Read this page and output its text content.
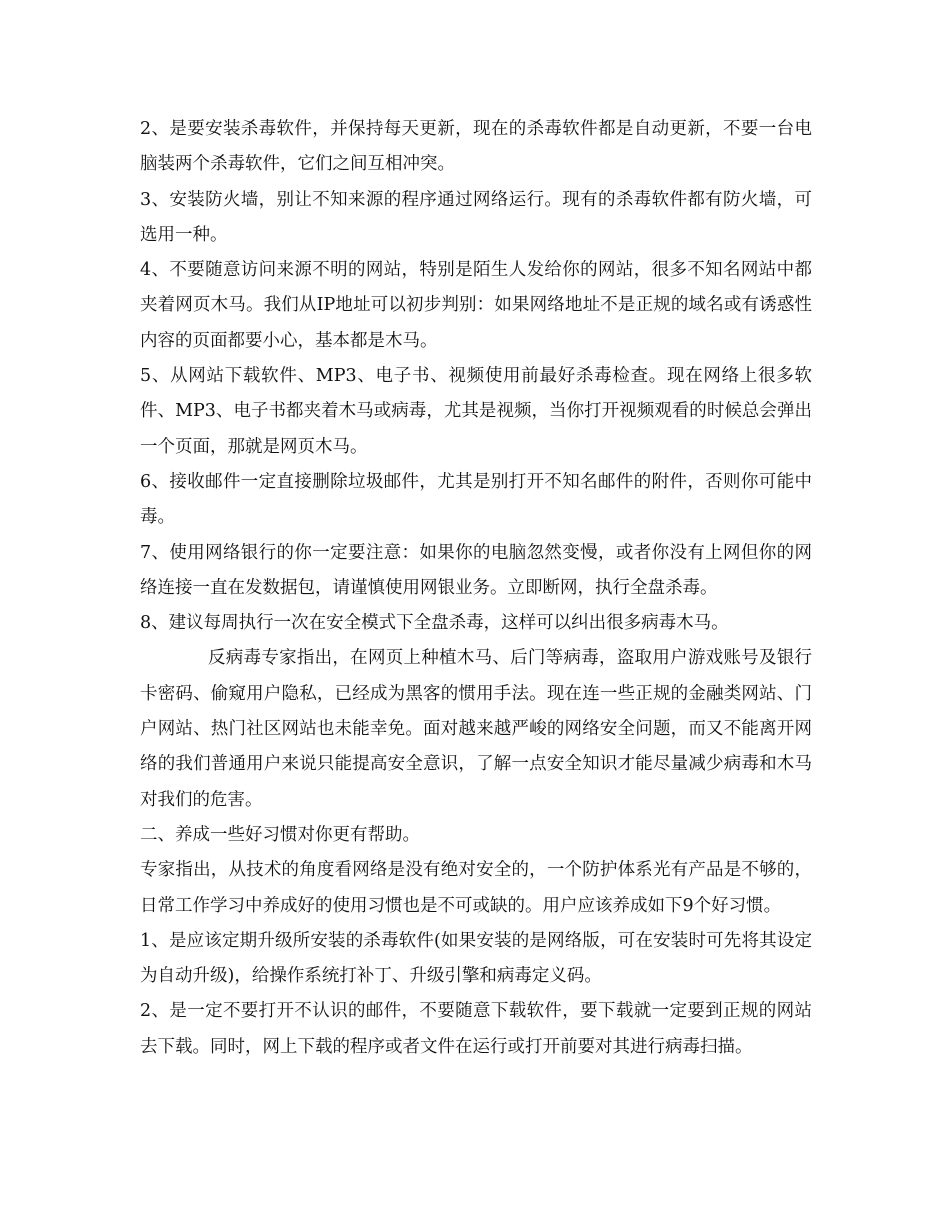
2、是要安装杀毒软件，并保持每天更新，现在的杀毒软件都是自动更新，不要一台电脑装两个杀毒软件，它们之间互相冲突。

3、安装防火墙，别让不知来源的程序通过网络运行。现有的杀毒软件都有防火墙，可选用一种。

4、不要随意访问来源不明的网站，特别是陌生人发给你的网站，很多不知名网站中都夹着网页木马。我们从IP地址可以初步判别：如果网络地址不是正规的域名或有诱惑性内容的页面都要小心，基本都是木马。

5、从网站下载软件、MP3、电子书、视频使用前最好杀毒检查。现在网络上很多软件、MP3、电子书都夹着木马或病毒，尤其是视频，当你打开视频观看的时候总会弹出一个页面，那就是网页木马。

6、接收邮件一定直接删除垃圾邮件，尤其是别打开不知名邮件的附件，否则你可能中毒。

7、使用网络银行的你一定要注意：如果你的电脑忽然变慢，或者你没有上网但你的网络连接一直在发数据包，请谨慎使用网银业务。立即断网，执行全盘杀毒。

8、建议每周执行一次在安全模式下全盘杀毒，这样可以纠出很多病毒木马。

反病毒专家指出，在网页上种植木马、后门等病毒，盗取用户游戏账号及银行卡密码、偷窥用户隐私，已经成为黑客的惯用手法。现在连一些正规的金融类网站、门户网站、热门社区网站也未能幸免。面对越来越严峻的网络安全问题，而又不能离开网络的我们普通用户来说只能提高安全意识，了解一点安全知识才能尽量减少病毒和木马对我们的危害。

二、养成一些好习惯对你更有帮助。

专家指出，从技术的角度看网络是没有绝对安全的，一个防护体系光有产品是不够的，日常工作学习中养成好的使用习惯也是不可或缺的。用户应该养成如下9个好习惯。

1、是应该定期升级所安装的杀毒软件(如果安装的是网络版，可在安装时可先将其设定为自动升级)，给操作系统打补丁、升级引擎和病毒定义码。

2、是一定不要打开不认识的邮件，不要随意下载软件，要下载就一定要到正规的网站去下载。同时，网上下载的程序或者文件在运行或打开前要对其进行病毒扫描。
